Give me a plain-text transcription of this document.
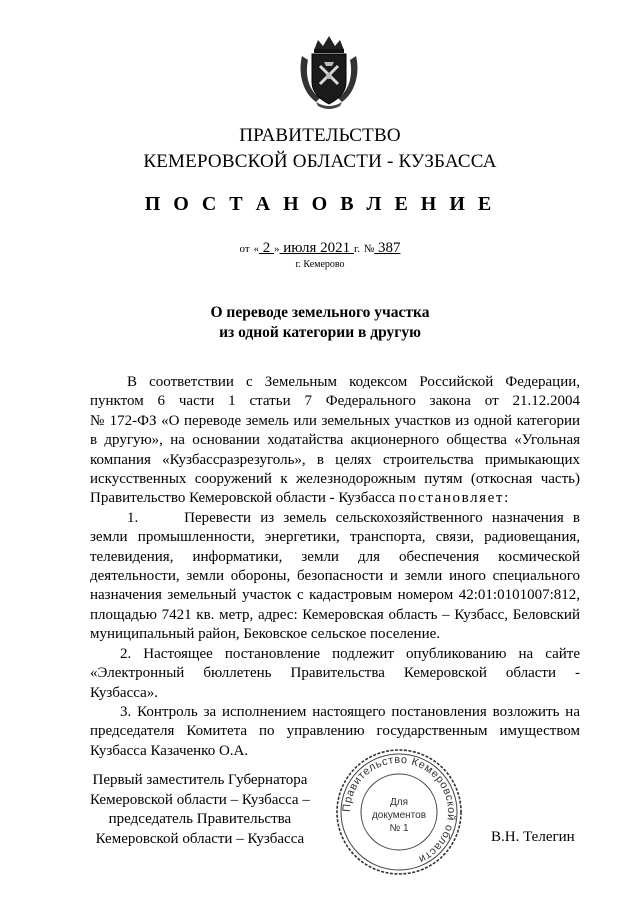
ПРАВИТЕЛЬСТВО
КЕМЕРОВСКОЙ ОБЛАСТИ - КУЗБАССА
П О С Т А Н О В Л Е Н И Е
от « 2 » июля 2021 г. № 387
г. Кемерово
О переводе земельного участка
из одной категории в другую
В соответствии с Земельным кодексом Российской Федерации,
пунктом 6 части 1 статьи 7 Федерального закона от 21.12.2004
№ 172-ФЗ «О переводе земель или земельных участков из одной категории
в другую», на основании ходатайства акционерного общества «Угольная
компания «Кузбассразрезуголь», в целях строительства примыкающих
искусственных сооружений к железнодорожным путям (откосная часть)
Правительство Кемеровской области - Кузбасса постановляет:
1.     Перевести из земель сельскохозяйственного назначения в
земли промышленности, энергетики, транспорта, связи, радиовещания,
телевидения, информатики, земли для обеспечения космической
деятельности, земли обороны, безопасности и земли иного специального
назначения земельный участок с кадастровым номером 42:01:0101007:812,
площадью 7421 кв. метр, адрес: Кемеровская область – Кузбасс, Беловский
муниципальный район, Бековское сельское поселение.
2. Настоящее постановление подлежит опубликованию на сайте
«Электронный бюллетень Правительства Кемеровской области -
Кузбасса».
3. Контроль за исполнением настоящего постановления возложить на
председателя Комитета по управлению государственным имуществом
Кузбасса Казаченко О.А.
Первый заместитель Губернатора
Кемеровской области – Кузбасса –
председатель Правительства
Кемеровской области – Кузбасса
Правительство Кемеровской области
Для
документов
№ 1
В.Н. Телегин
